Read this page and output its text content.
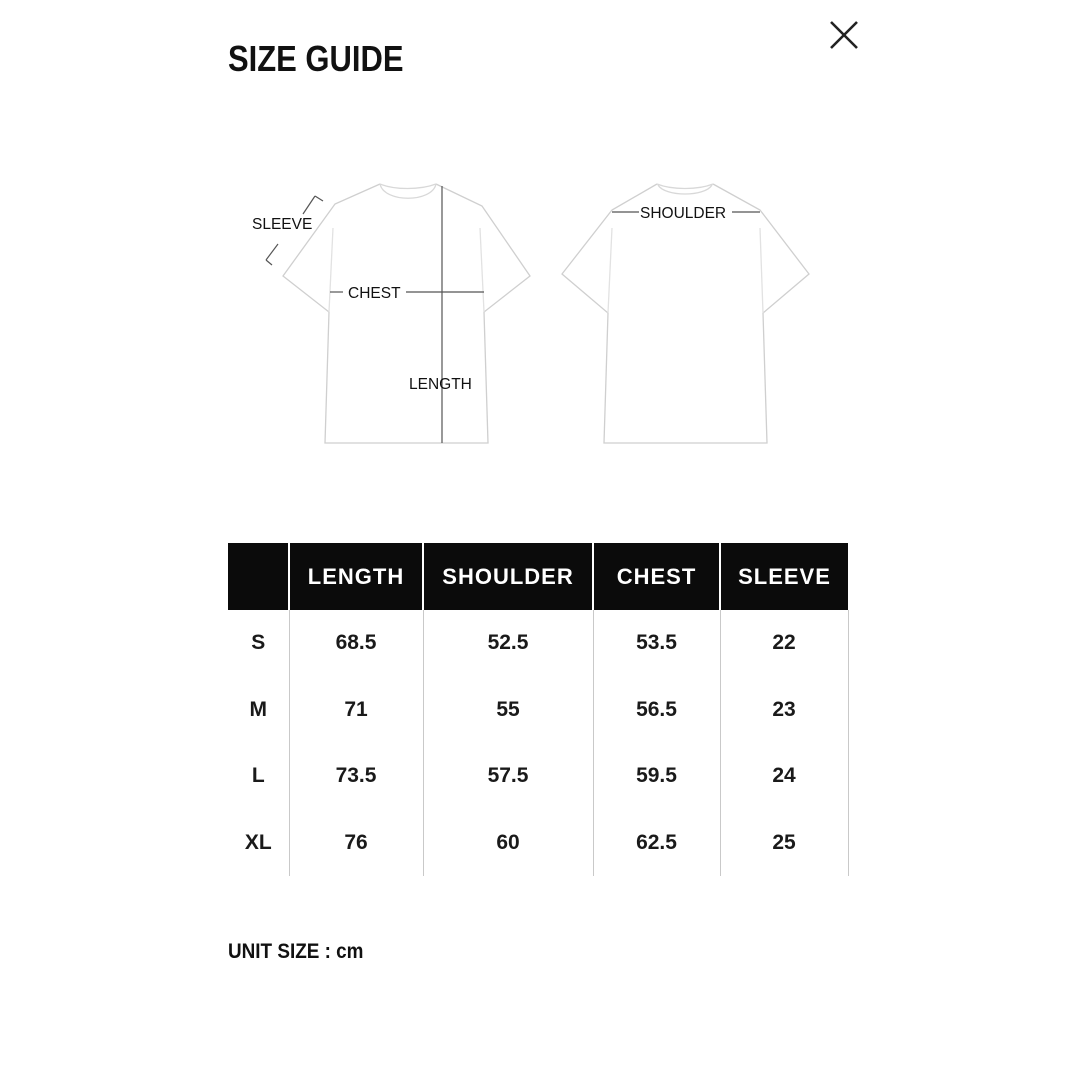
SIZE GUIDE
SLEEVE
CHEST
LENGTH
SHOULDER
	LENGTH	SHOULDER	CHEST	SLEEVE
S	68.5	52.5	53.5	22
M	71	55	56.5	23
L	73.5	57.5	59.5	24
XL	76	60	62.5	25
UNIT SIZE : cm
